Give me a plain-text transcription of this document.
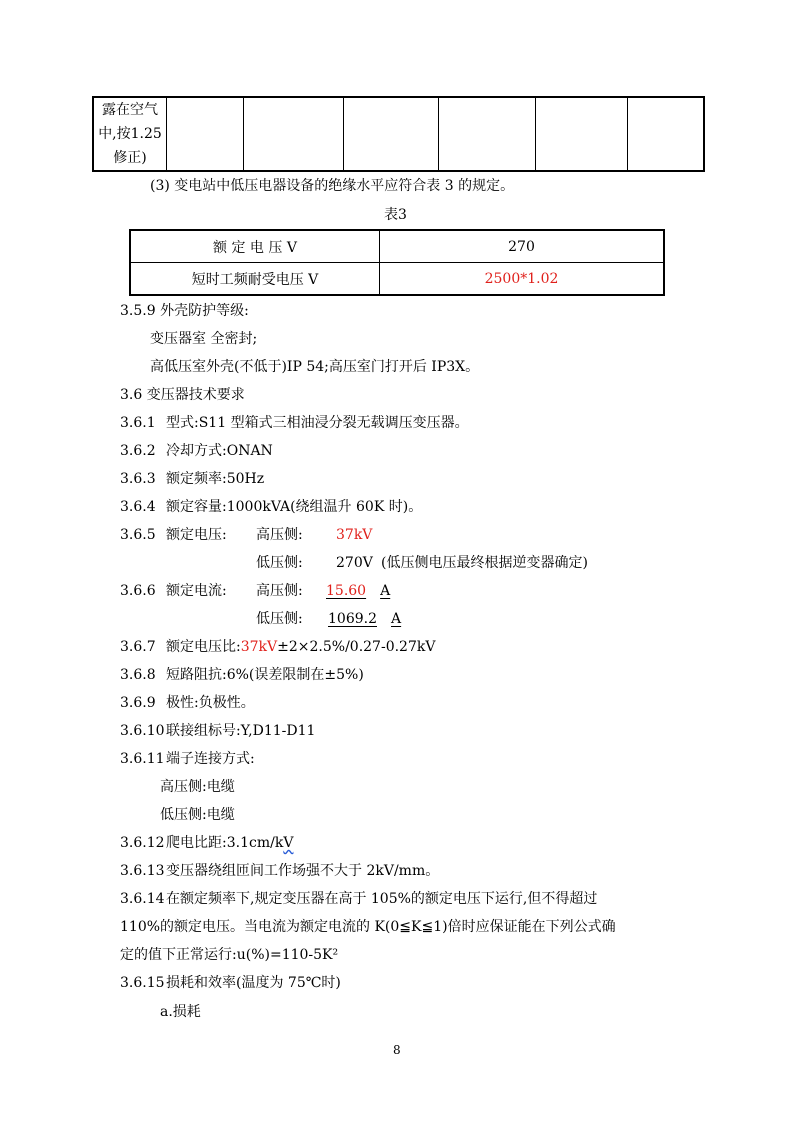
露在空气
中,按1.25
修正)

(3) 变电站中低压电器设备的绝缘水平应符合表 3 的规定。
表3
额 定 电 压 V	270
短时工频耐受电压 V	2500*1.02
3.5.9 外壳防护等级:
变压器室 全密封;
高低压室外壳(不低于)IP 54;高压室门打开后 IP3X。
3.6 变压器技术要求
3.6.1 型式:S11 型箱式三相油浸分裂无载调压变压器。
3.6.2 冷却方式:ONAN
3.6.3 额定频率:50Hz
3.6.4 额定容量:1000kVA(绕组温升 60K 时)。
3.6.5 额定电压: 高压侧: 37kV
低压侧: 270V (低压侧电压最终根据逆变器确定)
3.6.6 额定电流: 高压侧:	15.60 A
低压侧:	1069.2 A
3.6.7 额定电压比:37kV±2×2.5%/0.27-0.27kV
3.6.8 短路阻抗:6%(误差限制在±5%)
3.6.9 极性:负极性。
3.6.10 联接组标号:Y,D11-D11
3.6.11 端子连接方式:
高压侧:电缆
低压侧:电缆
3.6.12 爬电比距:3.1cm/kV
3.6.13 变压器绕组匝间工作场强不大于 2kV/mm。
3.6.14 在额定频率下,规定变压器在高于 105%的额定电压下运行,但不得超过
110%的额定电压。当电流为额定电流的 K(0≦K≦1)倍时应保证能在下列公式确
定的值下正常运行:u(%)=110-5K²
3.6.15 损耗和效率(温度为 75℃时)
a.损耗
8
